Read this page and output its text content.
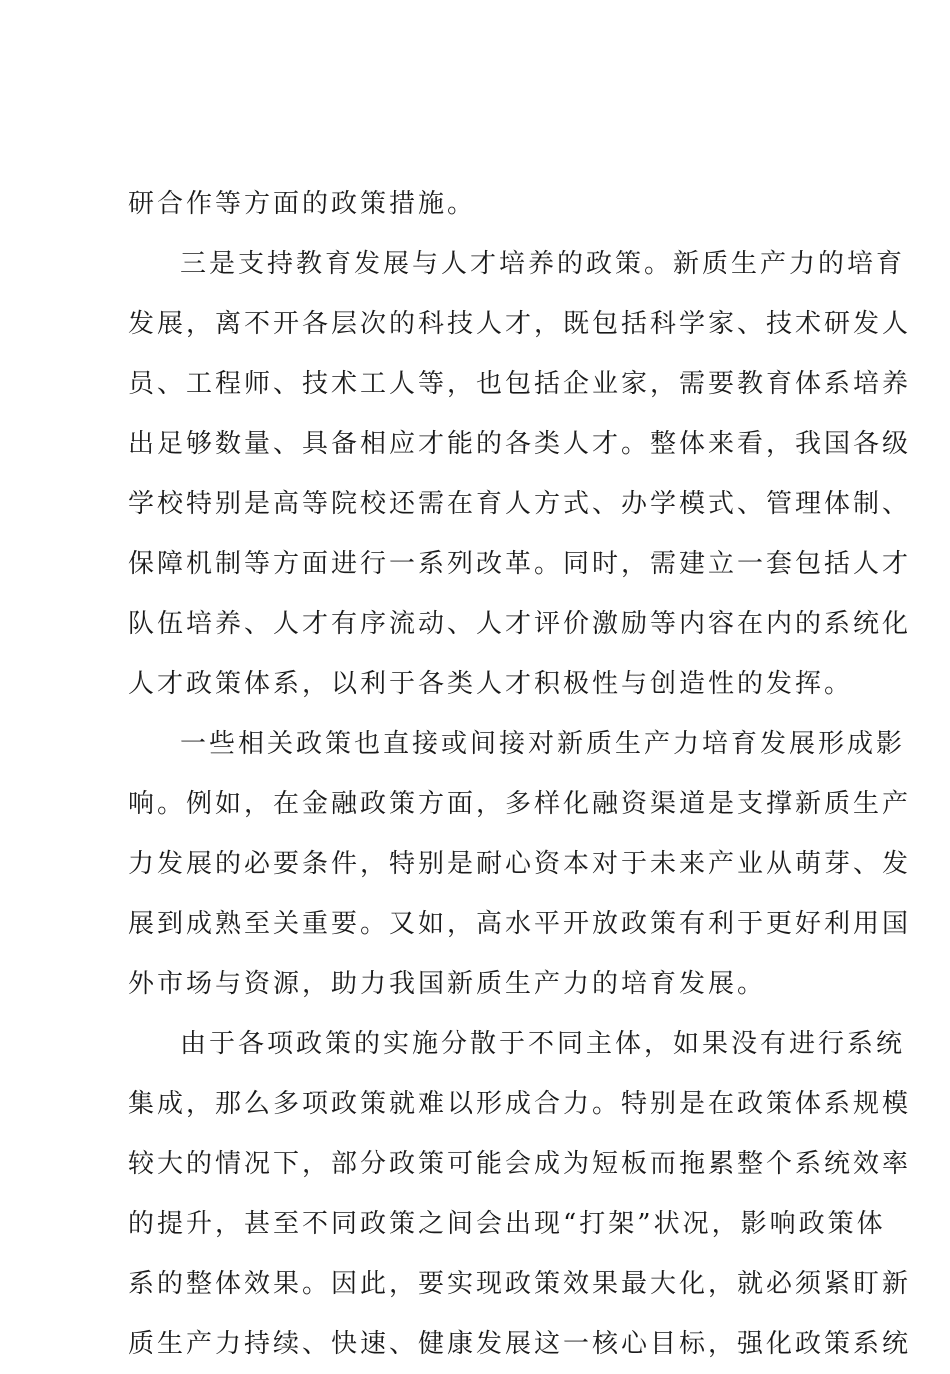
研合作等方面的政策措施。
三是支持教育发展与人才培养的政策。新质生产力的培育
发展，离不开各层次的科技人才，既包括科学家、技术研发人
员、工程师、技术工人等，也包括企业家，需要教育体系培养
出足够数量、具备相应才能的各类人才。整体来看，我国各级
学校特别是高等院校还需在育人方式、办学模式、管理体制、
保障机制等方面进行一系列改革。同时，需建立一套包括人才
队伍培养、人才有序流动、人才评价激励等内容在内的系统化
人才政策体系，以利于各类人才积极性与创造性的发挥。
一些相关政策也直接或间接对新质生产力培育发展形成影
响。例如，在金融政策方面，多样化融资渠道是支撑新质生产
力发展的必要条件，特别是耐心资本对于未来产业从萌芽、发
展到成熟至关重要。又如，高水平开放政策有利于更好利用国
外市场与资源，助力我国新质生产力的培育发展。
由于各项政策的实施分散于不同主体，如果没有进行系统
集成，那么多项政策就难以形成合力。特别是在政策体系规模
较大的情况下，部分政策可能会成为短板而拖累整个系统效率
的提升，甚至不同政策之间会出现“打架”状况，影响政策体
系的整体效果。因此，要实现政策效果最大化，就必须紧盯新
质生产力持续、快速、健康发展这一核心目标，强化政策系统
